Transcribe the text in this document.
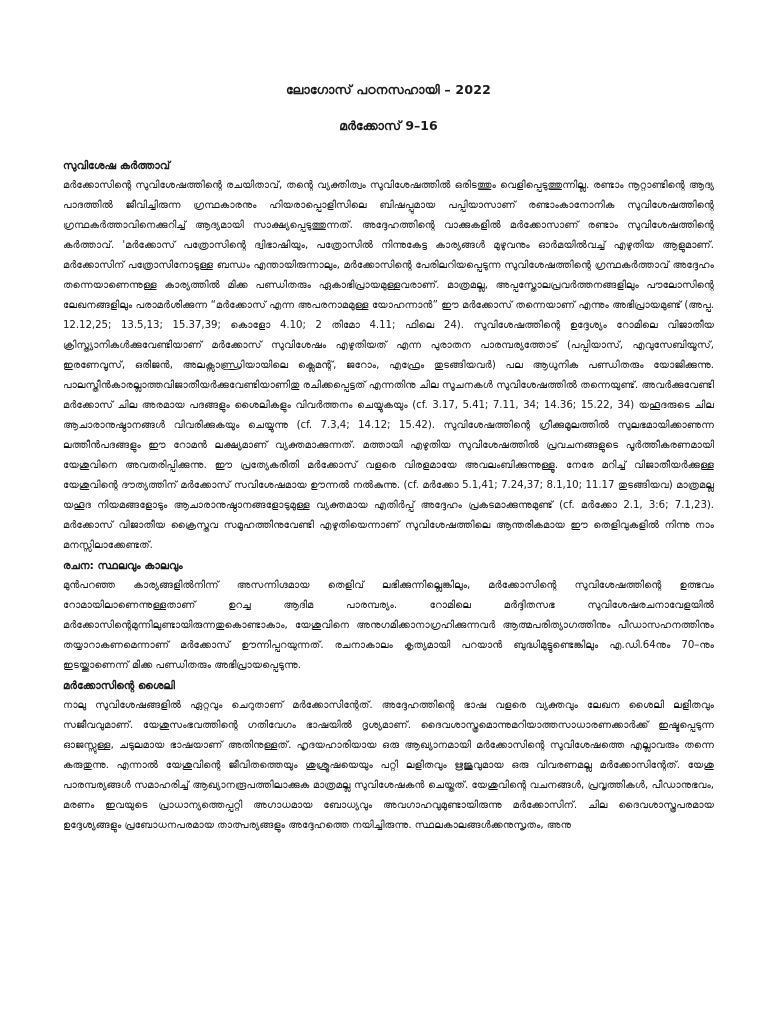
ലോഗോസ് പഠനസഹായി – 2022
മർക്കോസ് 9–16
സുവിശേഷ കർത്താവ്

മർക്കോസിന്റെ സുവിശേഷത്തിന്റെ രചയിതാവ്, തന്റെ വ്യക്തിത്വം സുവിശേഷത്തിൽ ഒരിടത്തും വെളിപ്പെടുത്തുന്നില്ല. രണ്ടാം നൂറ്റാണ്ടിന്റെ ആദ്യ പാദത്തിൽ ജീവിച്ചിരുന്ന ഗ്രന്ഥകാരനും ഹിയരാപ്പൊളിസിലെ ബിഷപ്പുമായ പപ്പിയാസാണ് രണ്ടാംകാനോനിക സുവിശേഷത്തിന്റെ ഗ്രന്ഥകർത്താവിനെക്കുറിച്ച് ആദ്യമായി സാക്ഷ്യപ്പെടുത്തുന്നത്. അദ്ദേഹത്തിന്റെ വാക്കുകളിൽ മർക്കോസാണ് രണ്ടാം സുവിശേഷത്തിന്റെ കർത്താവ്. 'മർക്കോസ് പത്രോസിന്റെ ദ്വിഭാഷിയും, പത്രോസിൽ നിന്നുകേട്ട കാര്യങ്ങൾ മുഴുവനും ഓർമയിൽവച്ച് എഴുതിയ ആളുമാണ്. മർക്കോസിന് പത്രോസിനോടുള്ള ബന്ധം എന്തായിരുന്നാലും, മർക്കോസിന്റെ പേരിലറിയപ്പെടുന്ന സുവിശേഷത്തിന്റെ ഗ്രന്ഥകർത്താവ് അദ്ദേഹം തന്നെയാണെന്നുള്ള കാര്യത്തിൽ മിക്ക പണ്ഡിതരും ഏകാഭിപ്രായമുള്ളവരാണ്. മാത്രമല്ല, അപ്പസ്തോലപ്രവർത്തനങ്ങളിലും പൗലോസിന്റെ ലേഖനങ്ങളിലും പരാമർശിക്കുന്ന “മർക്കോസ് എന്ന അപരനാമമുള്ള യോഹന്നാൻ” ഈ മർക്കോസ് തന്നെയാണ് എന്നും അഭിപ്രായമുണ്ട് (അപ്പ. 12.12,25; 13.5,13; 15.37,39; കൊളോ 4.10; 2 തിമോ 4.11; ഫിലെ 24). സുവിശേഷത്തിന്റെ ഉദ്ദേശ്യം റോമിലെ വിജാതീയ ക്രിസ്ത്യാനികൾക്കുവേണ്ടിയാണ് മർക്കോസ് സുവിശേഷം എഴുതിയത് എന്ന പുരാതന പാരമ്പര്യത്തോട് (പപ്പിയാസ്, എവുസേബിയൂസ്, ഇരണേവൂസ്, ഒരിജൻ, അലക്സാണ്ഡ്രിയായിലെ ക്ലെമന്റ്, ജറോം, എഫ്രേം തുടങ്ങിയവർ) പല ആധുനിക പണ്ഡിതരും യോജിക്കുന്നു. പാലസ്തീൻകാരല്ലാത്തവിജാതീയർക്കുവേണ്ടിയാണിതു രചിക്കപ്പെട്ടത് എന്നതിനു ചില സൂചനകൾ സുവിശേഷത്തിൽ തന്നെയുണ്ട്. അവർക്കുവേണ്ടി മർക്കോസ് ചില അരമായ പദങ്ങളും ശൈലികളും വിവർത്തനം ചെയ്യുകയും (cf. 3.17, 5.41; 7.11, 34; 14.36; 15.22, 34) യഹൂദരുടെ ചില ആചാരാനുഷ്ഠാനങ്ങൾ വിവരിക്കുകയും ചെയ്യുന്നു (cf. 7.3,4; 14.12; 15.42). സുവിശേഷത്തിന്റെ ഗ്രീക്കുമൂലത്തിൽ സുലഭമായിക്കാണുന്ന ലത്തീൻപദങ്ങളും ഈ റോമൻ ലക്ഷ്യമാണ് വ്യക്തമാക്കുന്നത്. മത്തായി എഴുതിയ സുവിശേഷത്തിൽ പ്രവചനങ്ങളുടെ പൂർത്തീകരണമായി യേശുവിനെ അവതരിപ്പിക്കുന്നു. ഈ പ്രത്യേകരീതി മർക്കോസ് വളരെ വിരളമായേ അവലംബിക്കുന്നുള്ളൂ. നേരേ മറിച്ച് വിജാതീയർക്കുള്ള യേശുവിന്റെ ദൗത്യത്തിന് മർക്കോസ് സവിശേഷമായ ഊന്നൽ നൽകുന്നു. (cf. മർക്കോ 5.1,41; 7.24,37; 8.1,10; 11.17 തുടങ്ങിയവ) മാത്രമല്ല യഹൂദ നിയമങ്ങളോടും ആചാരാനുഷ്ഠാനങ്ങളോടുമുള്ള വ്യക്തമായ എതിർപ്പ് അദ്ദേഹം പ്രകടമാക്കുന്നുമുണ്ട് (cf. മർക്കോ 2.1, 3:6; 7.1,23). മർക്കോസ് വിജാതീയ ക്രൈസ്തവ സമൂഹത്തിനുവേണ്ടി എഴുതിയെന്നാണ് സുവിശേഷത്തിലെ ആന്തരികമായ ഈ തെളിവുകളിൽ നിന്നു നാം മനസ്സിലാക്കേണ്ടത്.

രചന: സ്ഥലവും കാലവും

മുൻപറഞ്ഞ കാര്യങ്ങളിൽനിന്ന് അസന്നിഗ്ദമായ തെളിവ് ലഭിക്കുന്നില്ലെങ്കിലും, മർക്കോസിന്റെ സുവിശേഷത്തിന്റെ ഉത്ഭവം റോമായിലാണെന്നുള്ളതാണ് ഉറച്ച ആദിമ പാരമ്പര്യം. റോമിലെ മർദ്ദിതസഭ സുവിശേഷരചനാവേളയിൽ മർക്കോസിന്റെമുന്നിലുണ്ടായിരുന്നതുകൊണ്ടാകാം, യേശുവിനെ അനുഗമിക്കാനാഗ്രഹിക്കുന്നവർ ആത്മപരിത്യാഗത്തിനും പീഡാസഹനത്തിനും തയ്യാറാകണമെന്നാണ് മർക്കോസ് ഊന്നിപ്പറയുന്നത്. രചനാകാലം കൃത്യമായി പറയാൻ ബുദ്ധിമുട്ടുണ്ടെങ്കിലും എ.ഡി.64നും 70–നും ഇടയ്ക്കാണെന്ന് മിക്ക പണ്ഡിതരും അഭിപ്രായപ്പെടുന്നു.

മർക്കോസിന്റെ ശൈലി

നാലു സുവിശേഷങ്ങളിൽ ഏറ്റവും ചെറുതാണ് മർക്കോസിന്റേത്. അദ്ദേഹത്തിന്റെ ഭാഷ വളരെ വ്യക്തവും ലേഖന ശൈലി ലളിതവും സജീവവുമാണ്. യേശുസംഭവത്തിന്റെ ഗതിവേഗം ഭാഷയിൽ ദൃശ്യമാണ്. ദൈവശാസ്ത്രമൊന്നുമറിയാത്തസാധാരണക്കാർക്ക് ഇഷ്ടപ്പെടുന്ന ഓജസ്സുള്ള, ചടുലമായ ഭാഷയാണ് അതിനുള്ളത്. ഹൃദയഹാരിയായ ഒരു ആഖ്യാനമായി മർക്കോസിന്റെ സുവിശേഷത്തെ എല്ലാവരും തന്നെ കരുതുന്നു. എന്നാൽ യേശുവിന്റെ ജീവിതത്തെയും ശുശ്രൂഷയെയും പറ്റി ലളിതവും ഋജുവുമായ ഒരു വിവരണമല്ല മർക്കോസിന്റേത്. യേശു പാരമ്പര്യങ്ങൾ സമാഹരിച്ച് ആഖ്യാനരൂപത്തിലാക്കുക മാത്രമല്ല സുവിശേഷകൻ ചെയ്തത്. യേശുവിന്റെ വചനങ്ങൾ, പ്രവൃത്തികൾ, പീഡാനുഭവം, മരണം ഇവയുടെ പ്രാധാന്യത്തെപ്പറ്റി അഗാധമായ ബോധ്യവും അവഗാഹവുമുണ്ടായിരുന്നു മർക്കോസിന്. ചില ദൈവശാസ്ത്രപരമായ ഉദ്ദേശ്യങ്ങളും പ്രബോധനപരമായ താത്പര്യങ്ങളും അദ്ദേഹത്തെ നയിച്ചിരുന്നു. സ്ഥലകാലങ്ങൾക്കനുസൃതം, അനു
